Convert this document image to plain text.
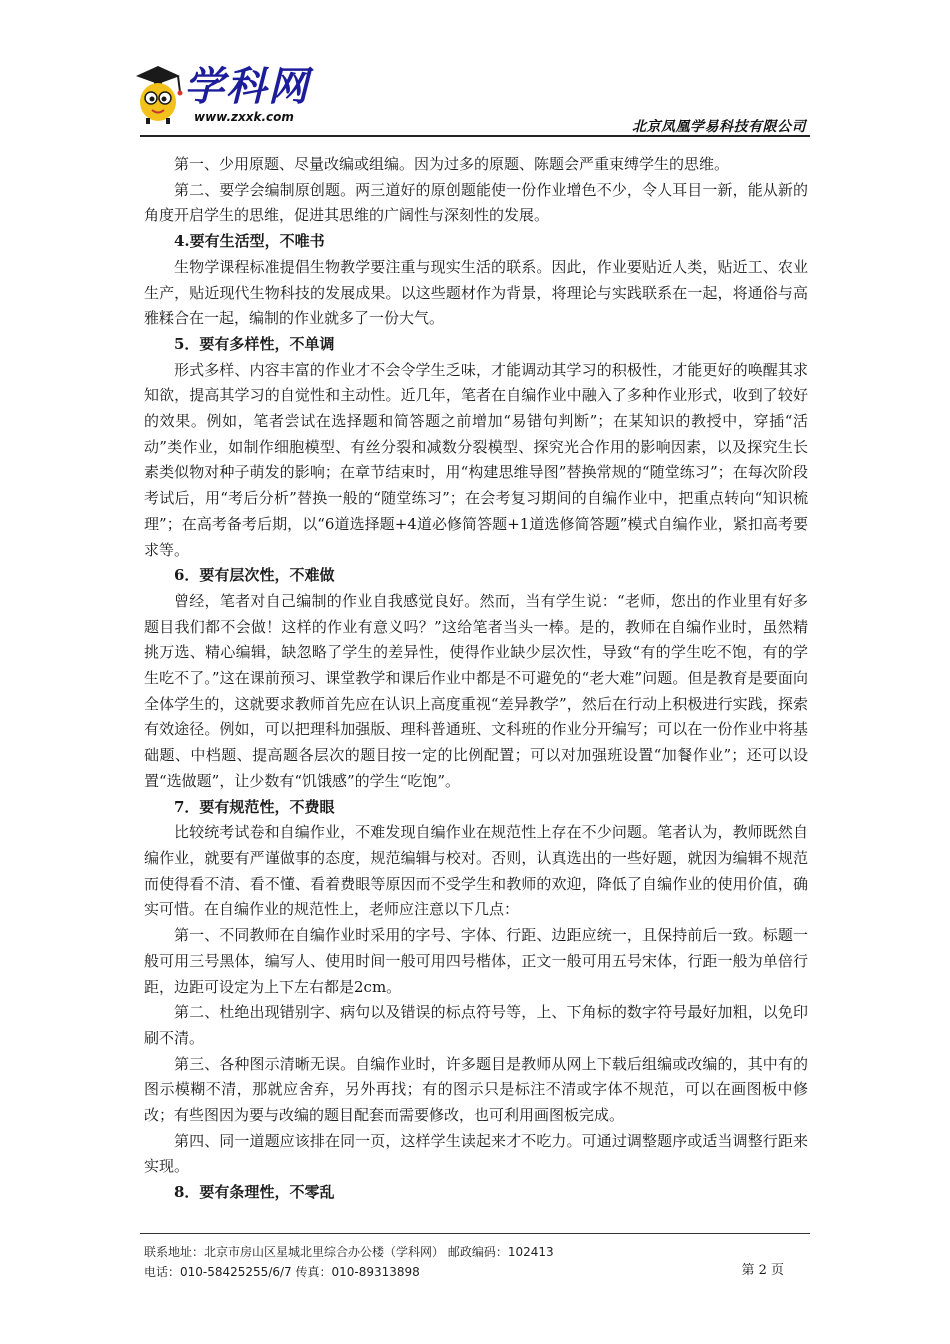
学科网
www.zxxk.com
北京凤凰学易科技有限公司

第一、少用原题、尽量改编或组编。因为过多的原题、陈题会严重束缚学生的思维。

第二、要学会编制原创题。两三道好的原创题能使一份作业增色不少，令人耳目一新，能从新的角度开启学生的思维，促进其思维的广阔性与深刻性的发展。

4.要有生活型，不唯书

生物学课程标准提倡生物教学要注重与现实生活的联系。因此，作业要贴近人类，贴近工、农业生产，贴近现代生物科技的发展成果。以这些题材作为背景，将理论与实践联系在一起，将通俗与高雅糅合在一起，编制的作业就多了一份大气。

5．要有多样性，不单调

形式多样、内容丰富的作业才不会令学生乏味，才能调动其学习的积极性，才能更好的唤醒其求知欲，提高其学习的自觉性和主动性。近几年，笔者在自编作业中融入了多种作业形式，收到了较好的效果。例如，笔者尝试在选择题和简答题之前增加“易错句判断”；在某知识的教授中，穿插“活动”类作业，如制作细胞模型、有丝分裂和减数分裂模型、探究光合作用的影响因素，以及探究生长素类似物对种子萌发的影响；在章节结束时，用“构建思维导图”替换常规的“随堂练习”；在每次阶段考试后，用“考后分析”替换一般的“随堂练习”；在会考复习期间的自编作业中，把重点转向“知识梳理”；在高考备考后期，以“6道选择题+4道必修简答题+1道选修简答题”模式自编作业，紧扣高考要求等。

6．要有层次性，不难做

曾经，笔者对自己编制的作业自我感觉良好。然而，当有学生说：“老师，您出的作业里有好多题目我们都不会做！这样的作业有意义吗？”这给笔者当头一棒。是的，教师在自编作业时，虽然精挑万选、精心编辑，缺忽略了学生的差异性，使得作业缺少层次性，导致“有的学生吃不饱，有的学生吃不了。”这在课前预习、课堂教学和课后作业中都是不可避免的“老大难”问题。但是教育是要面向全体学生的，这就要求教师首先应在认识上高度重视“差异教学”，然后在行动上积极进行实践，探索有效途径。例如，可以把理科加强版、理科普通班、文科班的作业分开编写；可以在一份作业中将基础题、中档题、提高题各层次的题目按一定的比例配置；可以对加强班设置“加餐作业”；还可以设置“选做题”，让少数有“饥饿感”的学生“吃饱”。

7．要有规范性，不费眼

比较统考试卷和自编作业，不难发现自编作业在规范性上存在不少问题。笔者认为，教师既然自编作业，就要有严谨做事的态度，规范编辑与校对。否则，认真选出的一些好题，就因为编辑不规范而使得看不清、看不懂、看着费眼等原因而不受学生和教师的欢迎，降低了自编作业的使用价值，确实可惜。在自编作业的规范性上，老师应注意以下几点：

第一、不同教师在自编作业时采用的字号、字体、行距、边距应统一，且保持前后一致。标题一般可用三号黑体，编写人、使用时间一般可用四号楷体，正文一般可用五号宋体，行距一般为单倍行距，边距可设定为上下左右都是2cm。

第二、杜绝出现错别字、病句以及错误的标点符号等，上、下角标的数字符号最好加粗，以免印刷不清。

第三、各种图示清晰无误。自编作业时，许多题目是教师从网上下载后组编或改编的，其中有的图示模糊不清，那就应舍弃，另外再找；有的图示只是标注不清或字体不规范，可以在画图板中修改；有些图因为要与改编的题目配套而需要修改，也可利用画图板完成。

第四、同一道题应该排在同一页，这样学生读起来才不吃力。可通过调整题序或适当调整行距来实现。

8．要有条理性，不零乱

联系地址：北京市房山区星城北里综合办公楼（学科网） 邮政编码：102413
电话：010-58425255/6/7 传真：010-89313898	第 2 页
